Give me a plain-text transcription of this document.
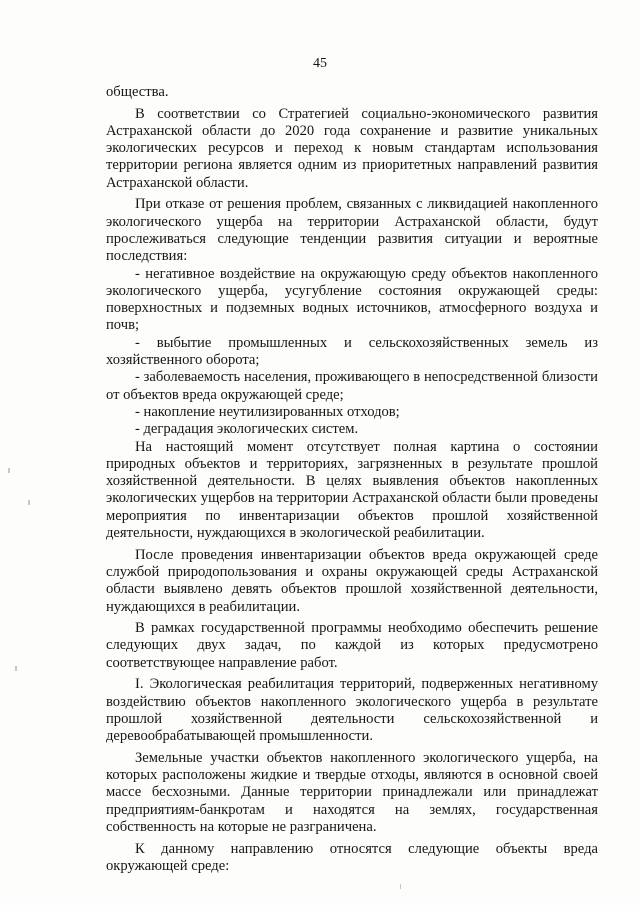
45

общества.

В соответствии со Стратегией социально-экономического развития Астраханской области до 2020 года сохранение и развитие уникальных экологических ресурсов и переход к новым стандартам использования территории региона является одним из приоритетных направлений развития Астраханской области.

При отказе от решения проблем, связанных с ликвидацией накопленного экологического ущерба на территории Астраханской области, будут прослеживаться следующие тенденции развития ситуации и вероятные последствия:

- негативное воздействие на окружающую среду объектов накопленного экологического ущерба, усугубление состояния окружающей среды: поверхностных и подземных водных источников, атмосферного воздуха и почв;

- выбытие промышленных и сельскохозяйственных земель из хозяйственного оборота;

- заболеваемость населения, проживающего в непосредственной близости от объектов вреда окружающей среде;

- накопление неутилизированных отходов;

- деградация экологических систем.

На настоящий момент отсутствует полная картина о состоянии природных объектов и территориях, загрязненных в результате прошлой хозяйственной деятельности. В целях выявления объектов накопленных экологических ущербов на территории Астраханской области были проведены мероприятия по инвентаризации объектов прошлой хозяйственной деятельности, нуждающихся в экологической реабилитации.

После проведения инвентаризации объектов вреда окружающей среде службой природопользования и охраны окружающей среды Астраханской области выявлено девять объектов прошлой хозяйственной деятельности, нуждающихся в реабилитации.

В рамках государственной программы необходимо обеспечить решение следующих двух задач, по каждой из которых предусмотрено соответствующее направление работ.

I. Экологическая реабилитация территорий, подверженных негативному воздействию объектов накопленного экологического ущерба в результате прошлой хозяйственной деятельности сельскохозяйственной и деревообрабатывающей промышленности.

Земельные участки объектов накопленного экологического ущерба, на которых расположены жидкие и твердые отходы, являются в основной своей массе бесхозными. Данные территории принадлежали или принадлежат предприятиям-банкротам и находятся на землях, государственная собственность на которые не разграничена.

К данному направлению относятся следующие объекты вреда окружающей среде:
